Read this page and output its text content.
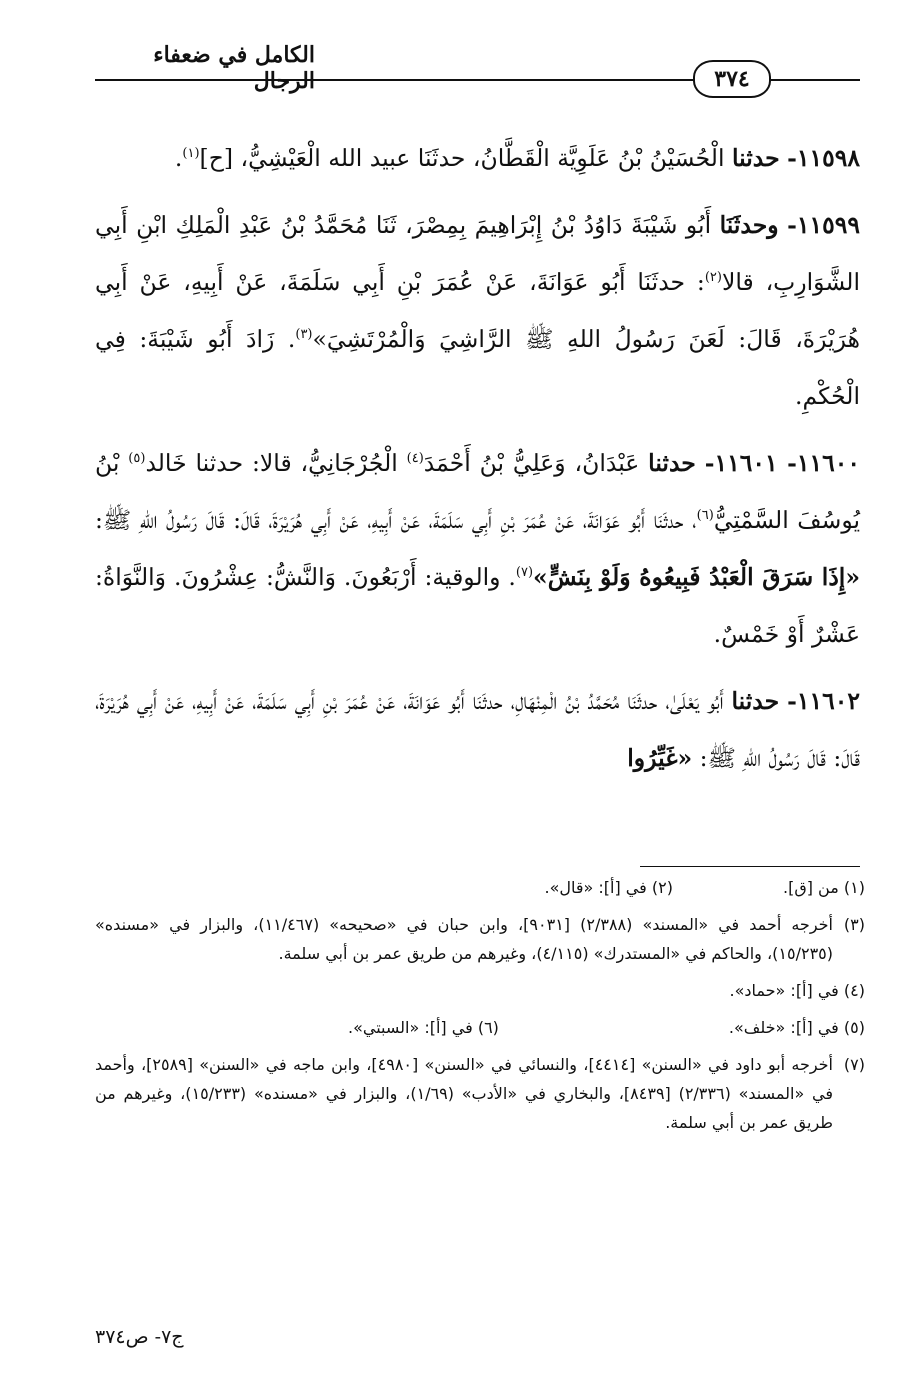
الكامل في ضعفاء الرجال	٣٧٤

١١٥٩٨- حدثنا الْحُسَيْنُ بْنُ عَلَوِيَّة الْقَطَّانُ، حدثَنَا عبيد الله الْعَيْشِيُّ، [ح]$^{(١)}$.

١١٥٩٩- وحدثَنَا أَبُو شَيْبَةَ دَاوُدُ بْنُ إِبْرَاهِيمَ بِمِصْرَ، ثَنَا مُحَمَّدُ بْنُ عَبْدِ الْمَلِكِ ابْنِ أَبِي الشَّوَارِبِ، قالا$^{(٢)}$: حدثَنَا أَبُو عَوَانَةَ، عَنْ عُمَرَ بْنِ أَبِي سَلَمَةَ، عَنْ أَبِيهِ، عَنْ أَبِي هُرَيْرَةَ، قَالَ: لَعَنَ رَسُولُ اللهِ ﷺ الرَّاشِيَ وَالْمُرْتَشِيَ»$^{(٣)}$. زَادَ أَبُو شَيْبَةَ: فِي الْحُكْمِ.

١١٦٠٠- ١١٦٠١- حدثنا عَبْدَانُ، وَعَلِيُّ بْنُ أَحْمَدَ$^{(٤)}$ الْجُرْجَانِيُّ، قالا: حدثنا خَالد$^{(٥)}$ بْنُ يُوسُفَ السَّمْتِيُّ$^{(٦)}$، حدثَنَا أَبُو عَوَانَةَ، عَنْ عُمَرَ بْنِ أَبِي سَلَمَةَ، عَنْ أَبِيهِ، عَنْ أَبِي هُرَيْرَةَ، قَالَ: قَالَ رَسُولُ اللهِ ﷺ: «إِذَا سَرَقَ الْعَبْدُ فَبِيعُوهُ وَلَوْ بِنَشٍّ»$^{(٧)}$. والوقية: أَرْبَعُونَ. وَالنَّشُّ: عِشْرُونَ. وَالنَّوَاةُ: عَشْرٌ أَوْ خَمْسٌ.

١١٦٠٢- حدثنا أَبُو يَعْلَىٰ، حدثَنَا مُحَمَّدُ بْنُ الْمِنْهَالِ، حدثَنَا أَبُو عَوَانَةَ، عَنْ عُمَرَ بْنِ أَبِي سَلَمَةَ، عَنْ أَبِيهِ، عَنْ أَبِي هُرَيْرَةَ، قَالَ: قَالَ رَسُولُ اللهِ ﷺ: «غَيِّرُوا

(١) من [ق].
(٢) في [أ]: «قال».
(٣)أخرجه أحمد في «المسند» (٢/٣٨٨) [٩٠٣١]، وابن حبان في «صحيحه» (١١/٤٦٧)، والبزار في «مسنده» (١٥/٢٣٥)، والحاكم في «المستدرك» (٤/١١٥)، وغيرهم من طريق عمر بن أبي سلمة.
(٤) في [أ]: «حماد».
(٥) في [أ]: «خلف».
(٦) في [أ]: «السبتي».
(٧)أخرجه أبو داود في «السنن» [٤٤١٤]، والنسائي في «السنن» [٤٩٨٠]، وابن ماجه في «السنن» [٢٥٨٩]، وأحمد في «المسند» (٢/٣٣٦) [٨٤٣٩]، والبخاري في «الأدب» (١/٦٩)، والبزار في «مسنده» (١٥/٢٣٣)، وغيرهم من طريق عمر بن أبي سلمة.
ج٧- ص٣٧٤
